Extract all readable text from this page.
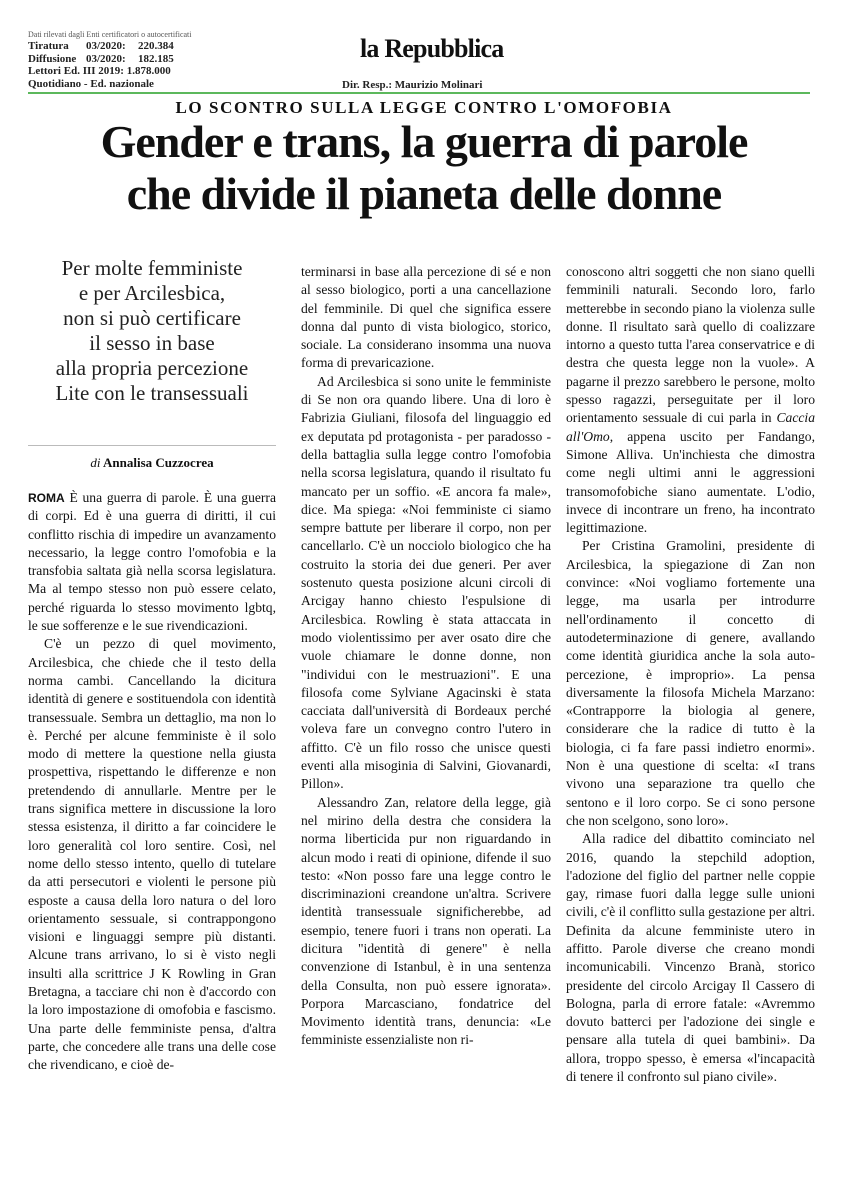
Dati rilevati dagli Enti certificatori o autocertificati
Tiratura 03/2020: 220.384
Diffusione 03/2020: 182.185
Lettori Ed. III 2019: 1.878.000
Quotidiano - Ed. nazionale
la Repubblica
Dir. Resp.: Maurizio Molinari
LO SCONTRO SULLA LEGGE CONTRO L'OMOFOBIA
Gender e trans, la guerra di parole
che divide il pianeta delle donne
Per molte femministe
e per Arcilesbica,
non si può certificare
il sesso in base
alla propria percezione
Lite con le transessuali
di Annalisa Cuzzocrea

ROMA È una guerra di parole. È una guerra di corpi. Ed è una guerra di diritti, il cui conflitto rischia di impedire un avanzamento necessario, la legge contro l'omofobia e la transfobia saltata già nella scorsa legislatura. Ma al tempo stesso non può essere celato, perché riguarda lo stesso movimento lgbtq, le sue sofferenze e le sue rivendicazioni.

C'è un pezzo di quel movimento, Arcilesbica, che chiede che il testo della norma cambi. Cancellando la dicitura identità di genere e sostituendola con identità transessuale. Sembra un dettaglio, ma non lo è. Perché per alcune femministe è il solo modo di mettere la questione nella giusta prospettiva, rispettando le differenze e non pretendendo di annullarle. Mentre per le trans significa mettere in discussione la loro stessa esistenza, il diritto a far coincidere le loro generalità col loro sentire. Così, nel nome dello stesso intento, quello di tutelare da atti persecutori e violenti le persone più esposte a causa della loro natura o del loro orientamento sessuale, si contrappongono visioni e linguaggi sempre più distanti. Alcune trans arrivano, lo si è visto negli insulti alla scrittrice J K Rowling in Gran Bretagna, a tacciare chi non è d'accordo con la loro impostazione di omofobia e fascismo. Una parte delle femministe pensa, d'altra parte, che concedere alle trans una delle cose che rivendicano, e cioè de-

terminarsi in base alla percezione di sé e non al sesso biologico, porti a una cancellazione del femminile. Di quel che significa essere donna dal punto di vista biologico, storico, sociale. La considerano insomma una nuova forma di prevaricazione.

Ad Arcilesbica si sono unite le femministe di Se non ora quando libere. Una di loro è Fabrizia Giuliani, filosofa del linguaggio ed ex deputata pd protagonista - per paradosso - della battaglia sulla legge contro l'omofobia nella scorsa legislatura, quando il risultato fu mancato per un soffio. «E ancora fa male», dice. Ma spiega: «Noi femministe ci siamo sempre battute per liberare il corpo, non per cancellarlo. C'è un nocciolo biologico che ha costruito la storia dei due generi. Per aver sostenuto questa posizione alcuni circoli di Arcigay hanno chiesto l'espulsione di Arcilesbica. Rowling è stata attaccata in modo violentissimo per aver osato dire che vuole chiamare le donne donne, non "individui con le mestruazioni". E una filosofa come Sylviane Agacinski è stata cacciata dall'università di Bordeaux perché voleva fare un convegno contro l'utero in affitto. C'è un filo rosso che unisce questi eventi alla misoginia di Salvini, Giovanardi, Pillon».

Alessandro Zan, relatore della legge, già nel mirino della destra che considera la norma liberticida pur non riguardando in alcun modo i reati di opinione, difende il suo testo: «Non posso fare una legge contro le discriminazioni creandone un'altra. Scrivere identità transessuale significherebbe, ad esempio, tenere fuori i trans non operati. La dicitura "identità di genere" è nella convenzione di Istanbul, è in una sentenza della Consulta, non può essere ignorata». Porpora Marcasciano, fondatrice del Movimento identità trans, denuncia: «Le femministe essenzialiste non ri-

conoscono altri soggetti che non siano quelli femminili naturali. Secondo loro, farlo metterebbe in secondo piano la violenza sulle donne. Il risultato sarà quello di coalizzare intorno a questo tutta l'area conservatrice e di destra che questa legge non la vuole». A pagarne il prezzo sarebbero le persone, molto spesso ragazzi, perseguitate per il loro orientamento sessuale di cui parla in Caccia all'Omo, appena uscito per Fandango, Simone Alliva. Un'inchiesta che dimostra come negli ultimi anni le aggressioni transomofobiche siano aumentate. L'odio, invece di incontrare un freno, ha incontrato legittimazione.

Per Cristina Gramolini, presidente di Arcilesbica, la spiegazione di Zan non convince: «Noi vogliamo fortemente una legge, ma usarla per introdurre nell'ordinamento il concetto di autodeterminazione di genere, avallando come identità giuridica anche la sola auto-percezione, è improprio». La pensa diversamente la filosofa Michela Marzano: «Contrapporre la biologia al genere, considerare che la radice di tutto è la biologia, ci fa fare passi indietro enormi». Non è una questione di scelta: «I trans vivono una separazione tra quello che sentono e il loro corpo. Se ci sono persone che non scelgono, sono loro».

Alla radice del dibattito cominciato nel 2016, quando la stepchild adoption, l'adozione del figlio del partner nelle coppie gay, rimase fuori dalla legge sulle unioni civili, c'è il conflitto sulla gestazione per altri. Definita da alcune femministe utero in affitto. Parole diverse che creano mondi incomunicabili. Vincenzo Branà, storico presidente del circolo Arcigay Il Cassero di Bologna, parla di errore fatale: «Avremmo dovuto batterci per l'adozione dei single e pensare alla tutela di quei bambini». Da allora, troppo spesso, è emersa «l'incapacità di tenere il confronto sul piano civile».
